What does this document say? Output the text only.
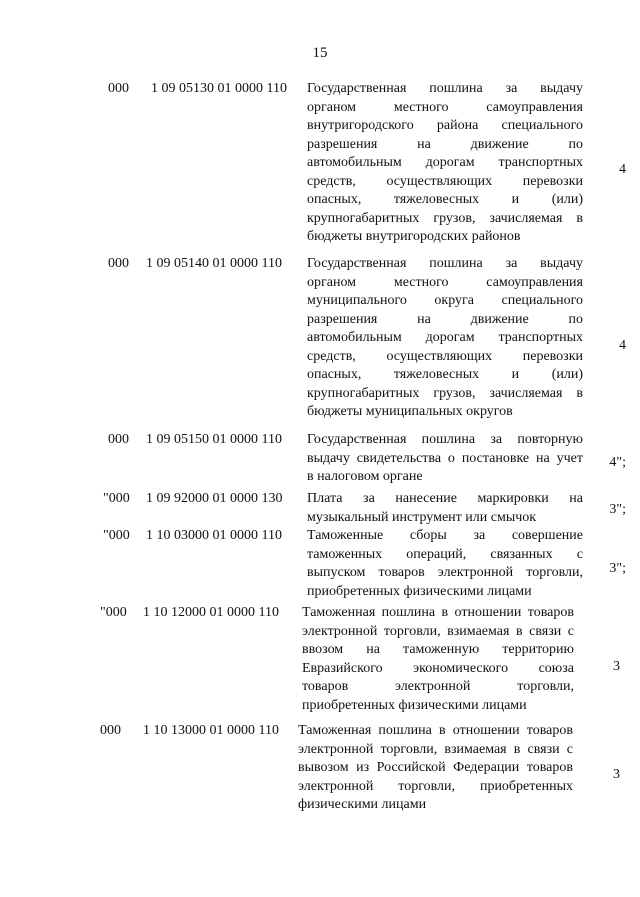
15
000	1 09 05130 01 0000 110	Государственная пошлина за выдачу
органом местного самоуправления
внутригородского района специального
разрешения на движение по
автомобильным дорогам транспортных
средств, осуществляющих перевозки
опасных, тяжеловесных и (или)
крупногабаритных грузов, зачисляемая в
бюджеты внутригородских районов
4
000	1 09 05140 01 0000 110	Государственная пошлина за выдачу
органом местного самоуправления
муниципального округа специального
разрешения на движение по
автомобильным дорогам транспортных
средств, осуществляющих перевозки
опасных, тяжеловесных и (или)
крупногабаритных грузов, зачисляемая в
бюджеты муниципальных округов
4
000	1 09 05150 01 0000 110	Государственная пошлина за повторную
выдачу свидетельства о постановке на учет
в налоговом органе
4";
"000	1 09 92000 01 0000 130	Плата за нанесение маркировки на
музыкальный инструмент или смычок	3";
"000	1 10 03000 01 0000 110	Таможенные сборы за совершение
таможенных операций, связанных с
выпуском товаров электронной торговли,
приобретенных физическими лицами
3";
"000	1 10 12000 01 0000 110	Таможенная пошлина в отношении товаров
электронной торговли, взимаемая в связи с
ввозом на таможенную территорию
Евразийского экономического союза
товаров электронной торговли,
приобретенных физическими лицами
3
000	1 10 13000 01 0000 110	Таможенная пошлина в отношении товаров
электронной торговли, взимаемая в связи с
вывозом из Российской Федерации товаров
электронной торговли, приобретенных
физическими лицами
3
